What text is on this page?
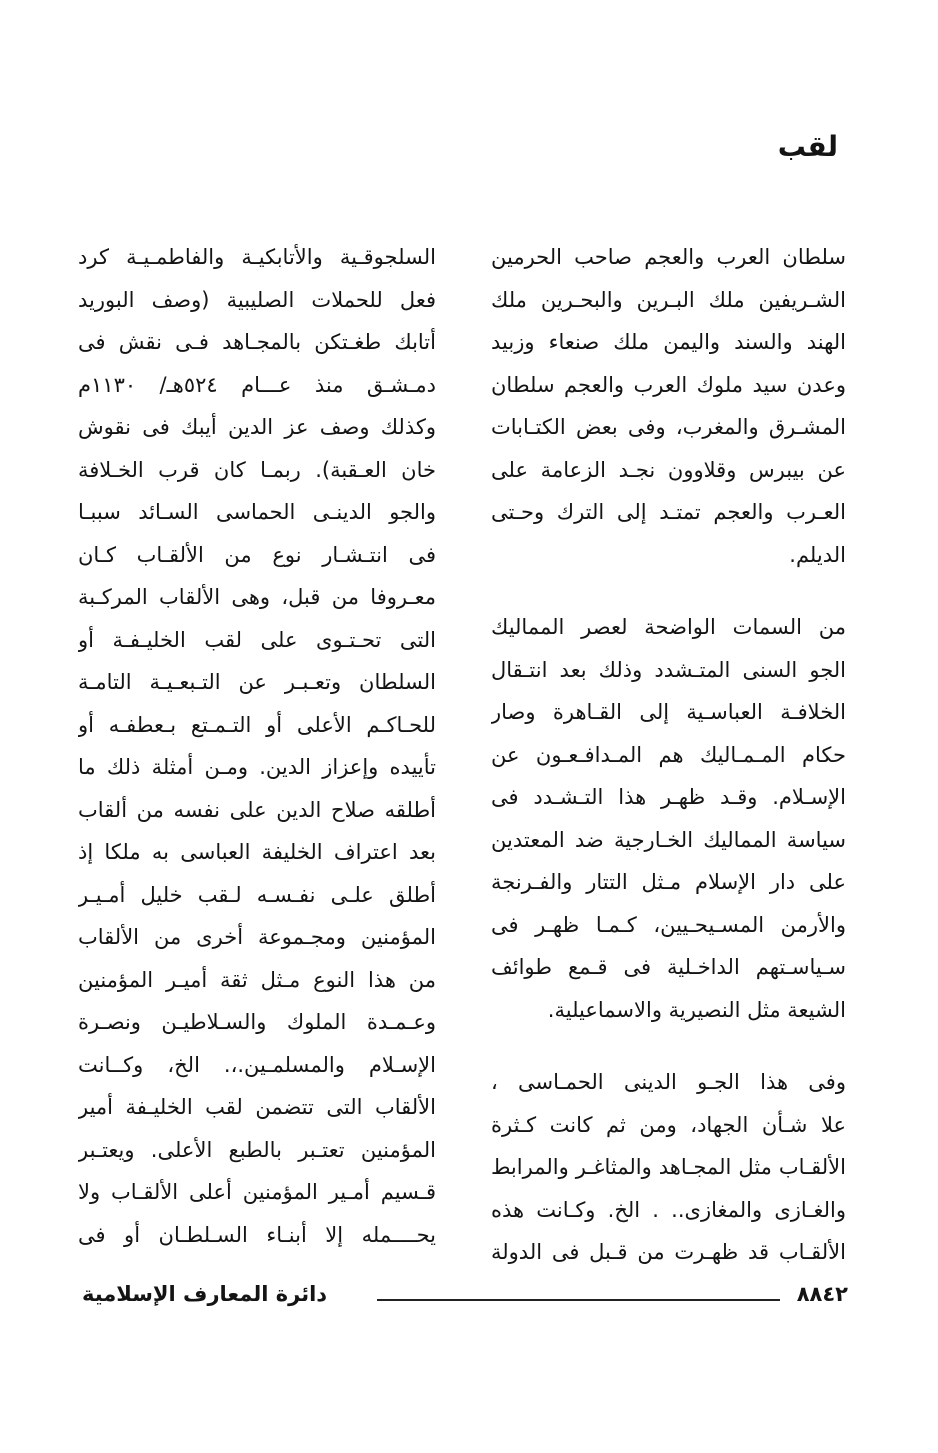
لقب
سلطان العرب والعجم صاحب الحرمين
الشـريفين ملك البـرين والبحـرين ملك
الهند والسند واليمن ملك صنعاء وزبيد
وعدن سيد ملوك العرب والعجم سلطان
المشـرق والمغرب، وفى بعض الكتـابات
عن بيبرس وقلاوون نجـد الزعامة على
العـرب والعجم تمتـد إلى الترك وحـتى
الديلم.
من السمات الواضحة لعصر المماليك
الجو السنى المتـشدد وذلك بعد انتـقال
الخلافـة العباسـية إلى القـاهرة وصار
حكام المـمـاليك هم المـدافـعـون عن
الإسـلام. وقـد ظهـر هذا التـشـدد فى
سياسة المماليك الخـارجية ضد المعتدين
على دار الإسلام مـثل التتار والفـرنجة
والأرمن المسـيحـيين، كـمـا ظهـر فى
سـياسـتهم الداخـلية فى قـمع طوائف
الشيعة مثل النصيرية والاسماعيلية.
وفى هذا الجـو الدينى الحمـاسى ،
علا شـأن الجهاد، ومن ثم كانت كـثرة
الألقـاب مثل المجـاهد والمثاغـر والمرابط
والغـازى والمغازى.. . الخ. وكـانت هذه
الألقـاب قد ظهـرت من قـبل فى الدولة
السلجوقـية والأتابكيـة والفاطمـيـة كرد
فعل للحملات الصليبية (وصف البوريد
أتابك طغـتكن بالمجـاهد فـى نقش فى
دمـشـق منذ عـــام ٥٢٤هـ/ ١١٣٠م
وكذلك وصف عز الدين أيبك فى نقوش
خان العـقبة). ربمـا كان قرب الخـلافة
والجو الدينـى الحماسى السـائد سببـا
فى انتـشـار نوع من الألقـاب كـان
معـروفا من قبل، وهى الألقاب المركـبة
التى تحـتـوى على لقب الخليـفـة أو
السلطان وتعـبـر عن التـبعـيـة التامـة
للحـاكـم الأعلى أو التـمـتع بـعطفـه أو
تأييده وإعزاز الدين. ومـن أمثلة ذلك ما
أطلقه صلاح الدين على نفسه من ألقاب
بعد اعتراف الخليفة العباسى به ملكا إذ
أطلق علـى نفـسـه لـقب خليل أمـيـر
المؤمنين ومجـموعة أخرى من الألقاب
من هذا النوع مـثل ثقة أميـر المؤمنين
وعـمـدة الملوك والسـلاطيـن ونصـرة
الإسـلام والمسلمـين.،. الخ، وكــانت
الألقاب التى تتضمن لقب الخليـفة أمير
المؤمنين تعتـبر بالطبع الأعلى. ويعتـبر
قـسيم أمـير المؤمنين أعلى الألقـاب ولا
يحــــمله إلا أبنـاء السـلطـان أو فى
٨٨٤٢
دائرة المعارف الإسلامية
